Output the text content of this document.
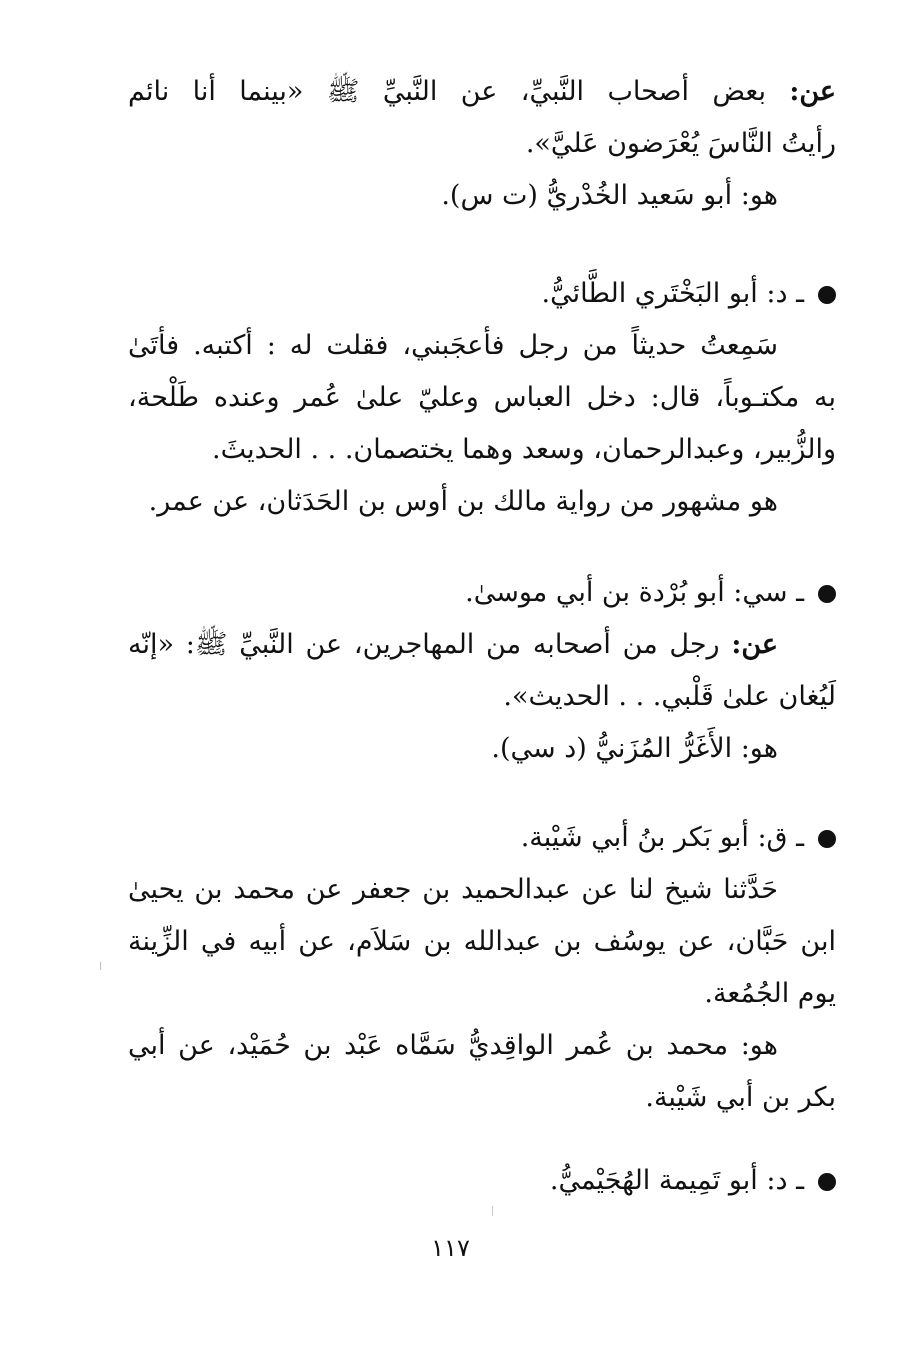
عن: بعض أصحاب النَّبيِّ، عن النَّبيِّ ﷺ «بينما أنا نائم
رأيتُ النَّاسَ يُعْرَضون عَليَّ».
هو: أبو سَعيد الخُدْريُّ (ت س).
ـ د: أبو البَخْتَري الطَّائيُّ.
سَمِعتُ حديثاً من رجل فأعجَبني، فقلت له : أكتبه. فأتَىٰ
به مكتـوباً، قال: دخل العباس وعليّ علىٰ عُمر وعنده طَلْحة،
والزُّبير، وعبدالرحمان، وسعد وهما يختصمان. . . الحديثَ.
هو مشهور من رواية مالك بن أوس بن الحَدَثان، عن عمر.
ـ سي: أبو بُرْدة بن أبي موسىٰ.
عن: رجل من أصحابه من المهاجرين، عن النَّبيِّ ﷺ: «إنّه
لَيُغان علىٰ قَلْبي. . . الحديث».
هو: الأَغَرُّ المُزَنيُّ (د سي).
ـ ق: أبو بَكر بنُ أبي شَيْبة.
حَدَّثنا شيخ لنا عن عبدالحميد بن جعفر عن محمد بن يحيىٰ
ابن حَبَّان، عن يوسُف بن عبدالله بن سَلاَم، عن أبيه في الزِّينة
يوم الجُمُعة.
هو: محمد بن عُمر الواقِديُّ سَمَّاه عَبْد بن حُمَيْد، عن أبي
بكر بن أبي شَيْبة.
ـ د: أبو تَمِيمة الهُجَيْميُّ.
١١٧
